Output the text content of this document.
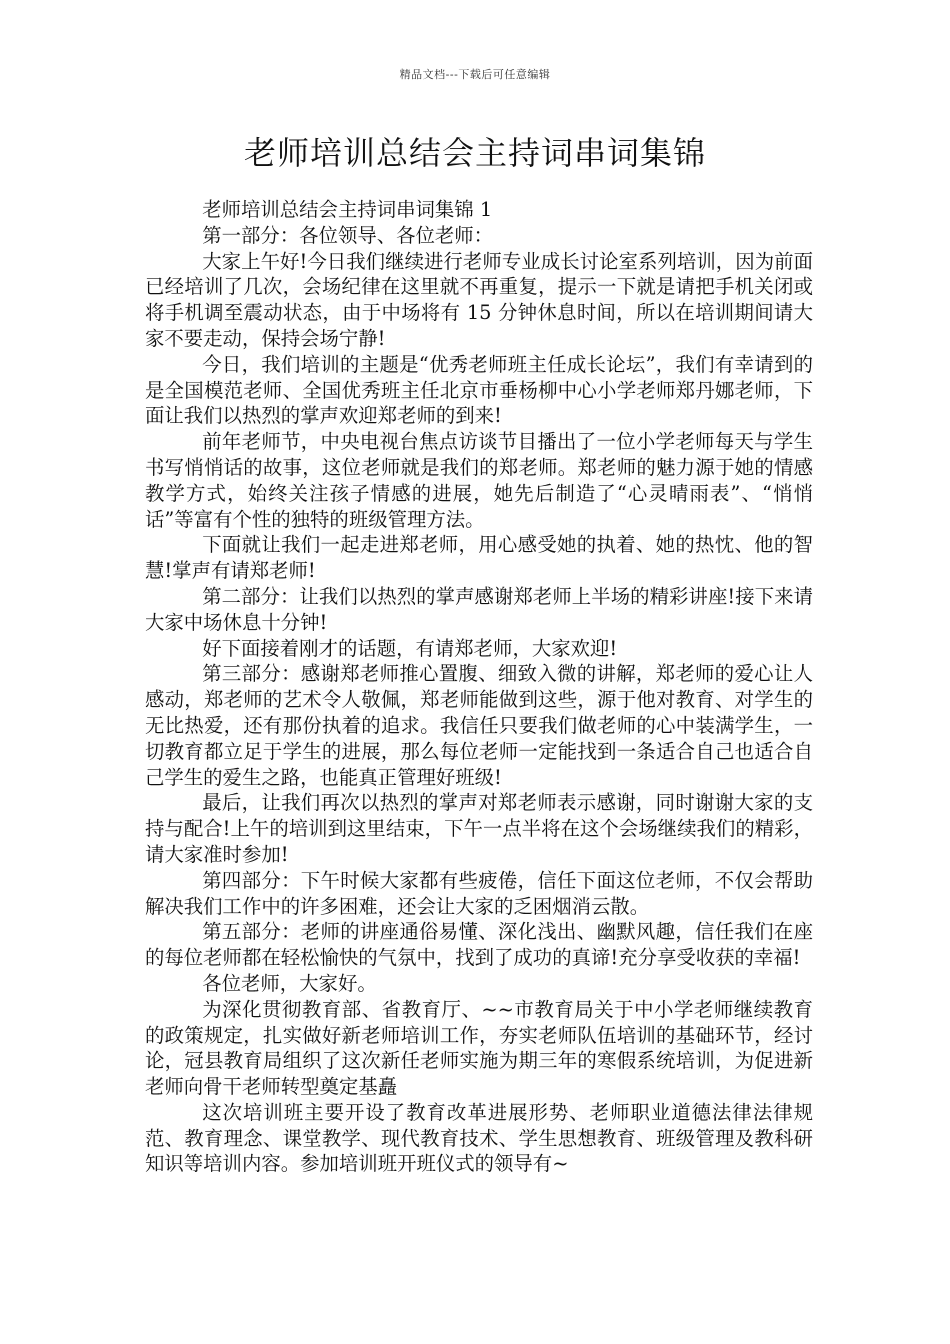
精品文档---下载后可任意编辑
老师培训总结会主持词串词集锦

老师培训总结会主持词串词集锦 1

第一部分：各位领导、各位老师：

大家上午好!今日我们继续进行老师专业成长讨论室系列培训，因为前面已经培训了几次，会场纪律在这里就不再重复，提示一下就是请把手机关闭或将手机调至震动状态，由于中场将有 15 分钟休息时间，所以在培训期间请大家不要走动，保持会场宁静!

今日，我们培训的主题是“优秀老师班主任成长论坛”，我们有幸请到的是全国模范老师、全国优秀班主任北京市垂杨柳中心小学老师郑丹娜老师，下面让我们以热烈的掌声欢迎郑老师的到来!

前年老师节，中央电视台焦点访谈节目播出了一位小学老师每天与学生书写悄悄话的故事，这位老师就是我们的郑老师。郑老师的魅力源于她的情感教学方式，始终关注孩子情感的进展，她先后制造了“心灵晴雨表”、“悄悄话”等富有个性的独特的班级管理方法。

下面就让我们一起走进郑老师，用心感受她的执着、她的热忱、他的智慧!掌声有请郑老师!

第二部分：让我们以热烈的掌声感谢郑老师上半场的精彩讲座!接下来请大家中场休息十分钟!

好下面接着刚才的话题，有请郑老师，大家欢迎!

第三部分：感谢郑老师推心置腹、细致入微的讲解，郑老师的爱心让人感动，郑老师的艺术令人敬佩，郑老师能做到这些，源于他对教育、对学生的无比热爱，还有那份执着的追求。我信任只要我们做老师的心中装满学生，一切教育都立足于学生的进展，那么每位老师一定能找到一条适合自己也适合自己学生的爱生之路，也能真正管理好班级!

最后，让我们再次以热烈的掌声对郑老师表示感谢，同时谢谢大家的支持与配合!上午的培训到这里结束，下午一点半将在这个会场继续我们的精彩，请大家准时参加!

第四部分：下午时候大家都有些疲倦，信任下面这位老师，不仅会帮助解决我们工作中的许多困难，还会让大家的乏困烟消云散。

第五部分：老师的讲座通俗易懂、深化浅出、幽默风趣，信任我们在座的每位老师都在轻松愉快的气氛中，找到了成功的真谛!充分享受收获的幸福!

各位老师，大家好。

为深化贯彻教育部、省教育厅、~~市教育局关于中小学老师继续教育的政策规定，扎实做好新老师培训工作，夯实老师队伍培训的基础环节，经讨论，冠县教育局组织了这次新任老师实施为期三年的寒假系统培训，为促进新老师向骨干老师转型奠定基矗

这次培训班主要开设了教育改革进展形势、老师职业道德法律法律规范、教育理念、课堂教学、现代教育技术、学生思想教育、班级管理及教科研知识等培训内容。参加培训班开班仪式的领导有~
